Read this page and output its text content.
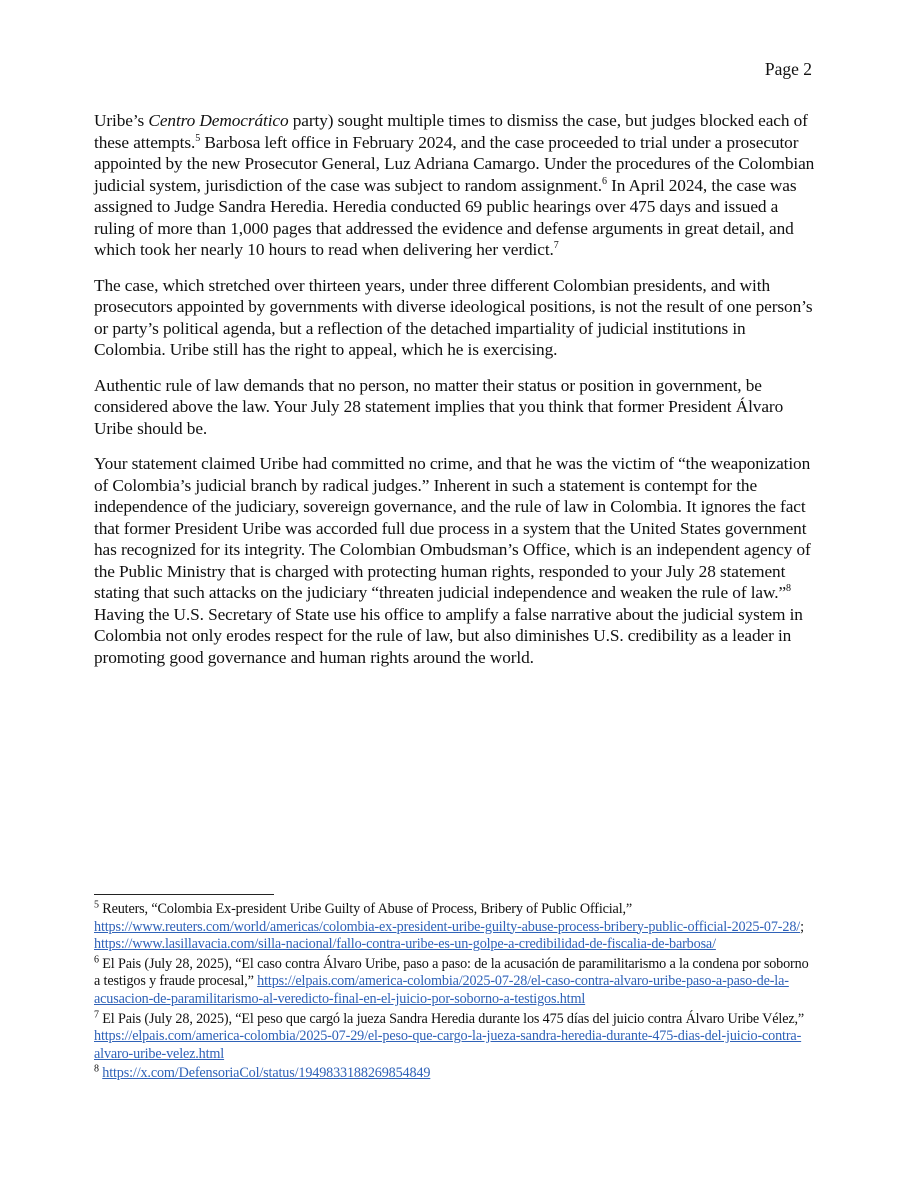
Page 2

Uribe’s Centro Democrático party) sought multiple times to dismiss the case, but judges blocked each of these attempts.$^5$ Barbosa left office in February 2024, and the case proceeded to trial under a prosecutor appointed by the new Prosecutor General, Luz Adriana Camargo. Under the procedures of the Colombian judicial system, jurisdiction of the case was subject to random assignment.$^6$ In April 2024, the case was assigned to Judge Sandra Heredia. Heredia conducted 69 public hearings over 475 days and issued a ruling of more than 1,000 pages that addressed the evidence and defense arguments in great detail, and which took her nearly 10 hours to read when delivering her verdict.$^7$

The case, which stretched over thirteen years, under three different Colombian presidents, and with prosecutors appointed by governments with diverse ideological positions, is not the result of one person’s or party’s political agenda, but a reflection of the detached impartiality of judicial institutions in Colombia. Uribe still has the right to appeal, which he is exercising.

Authentic rule of law demands that no person, no matter their status or position in government, be considered above the law. Your July 28 statement implies that you think that former President Álvaro Uribe should be.

Your statement claimed Uribe had committed no crime, and that he was the victim of “the weaponization of Colombia’s judicial branch by radical judges.” Inherent in such a statement is contempt for the independence of the judiciary, sovereign governance, and the rule of law in Colombia. It ignores the fact that former President Uribe was accorded full due process in a system that the United States government has recognized for its integrity. The Colombian Ombudsman’s Office, which is an independent agency of the Public Ministry that is charged with protecting human rights, responded to your July 28 statement stating that such attacks on the judiciary “threaten judicial independence and weaken the rule of law.”$^8$ Having the U.S. Secretary of State use his office to amplify a false narrative about the judicial system in Colombia not only erodes respect for the rule of law, but also diminishes U.S. credibility as a leader in promoting good governance and human rights around the world.

$^5$ Reuters, “Colombia Ex-president Uribe Guilty of Abuse of Process, Bribery of Public Official,” https://www.reuters.com/world/americas/colombia-ex-president-uribe-guilty-abuse-process-bribery-public-official-2025-07-28/; https://www.lasillavacia.com/silla-nacional/fallo-contra-uribe-es-un-golpe-a-credibilidad-de-fiscalia-de-barbosa/

$^6$ El Pais (July 28, 2025), “El caso contra Álvaro Uribe, paso a paso: de la acusación de paramilitarismo a la condena por soborno a testigos y fraude procesal,” https://elpais.com/america-colombia/2025-07-28/el-caso-contra-alvaro-uribe-paso-a-paso-de-la-acusacion-de-paramilitarismo-al-veredicto-final-en-el-juicio-por-soborno-a-testigos.html

$^7$ El Pais (July 28, 2025), “El peso que cargó la jueza Sandra Heredia durante los 475 días del juicio contra Álvaro Uribe Vélez,” https://elpais.com/america-colombia/2025-07-29/el-peso-que-cargo-la-jueza-sandra-heredia-durante-475-dias-del-juicio-contra-alvaro-uribe-velez.html

$^8$ https://x.com/DefensoriaCol/status/1949833188269854849
